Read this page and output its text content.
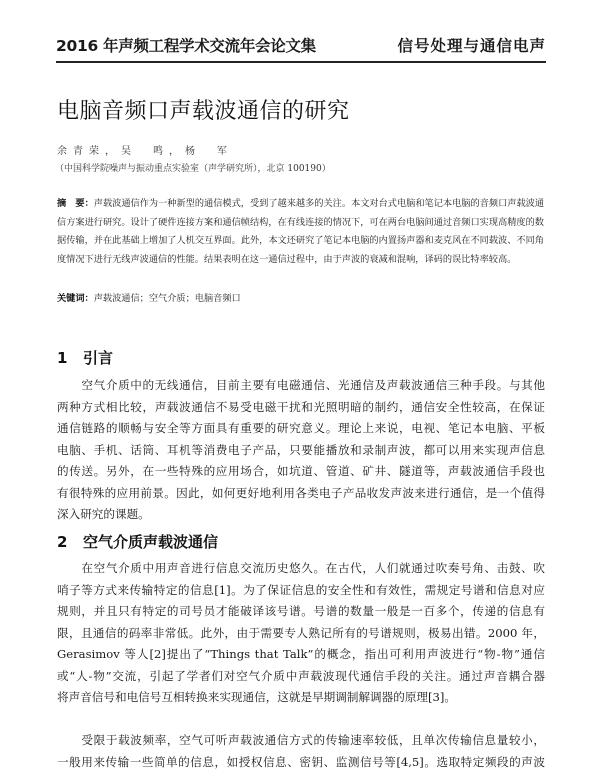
2016 年声频工程学术交流年会论文集	信号处理与通信电声
电脑音频口声载波通信的研究
余青荣，吴　鸣，杨　军
（中国科学院噪声与振动重点实验室（声学研究所），北京 100190）
摘　要：声载波通信作为一种新型的通信模式，受到了越来越多的关注。本文对台式电脑和笔记本电脑的音频口声载波通信方案进行研究。设计了硬件连接方案和通信帧结构，在有线连接的情况下，可在两台电脑间通过音频口实现高精度的数据传输，并在此基础上增加了人机交互界面。此外，本文还研究了笔记本电脑的内置扬声器和麦克风在不同载波、不同角度情况下进行无线声波通信的性能。结果表明在这一通信过程中，由于声波的衰减和混响，译码的误比特率较高。
关键词：声载波通信；空气介质；电脑音频口
1 引言
　　空气介质中的无线通信，目前主要有电磁通信、光通信及声载波通信三种手段。与其他
两种方式相比较，声载波通信不易受电磁干扰和光照明暗的制约，通信安全性较高，在保证
通信链路的顺畅与安全等方面具有重要的研究意义。理论上来说，电视、笔记本电脑、平板
电脑、手机、话筒、耳机等消费电子产品，只要能播放和录制声波，都可以用来实现声信息
的传送。另外，在一些特殊的应用场合，如坑道、管道、矿井、隧道等，声载波通信手段也
有很特殊的应用前景。因此，如何更好地利用各类电子产品收发声波来进行通信，是一个值得
深入研究的课题。
2 空气介质声载波通信
　　在空气介质中用声音进行信息交流历史悠久。在古代，人们就通过吹奏号角、击鼓、吹
哨子等方式来传输特定的信息[1]。为了保证信息的安全性和有效性，需规定号谱和信息对应
规则，并且只有特定的司号员才能破译该号谱。号谱的数量一般是一百多个，传递的信息有
限，且通信的码率非常低。此外，由于需要专人熟记所有的号谱规则，极易出错。2000 年，
Gerasimov 等人[2]提出了“Things that Talk”的概念，指出可利用声波进行“物-物”通信
或“人-物”交流，引起了学者们对空气介质中声载波现代通信手段的关注。通过声音耦合器
将声音信号和电信号互相转换来实现通信，这就是早期调制解调器的原理[3]。
　　受限于载波频率，空气可听声载波通信方式的传输速率较低，且单次传输信息量较小，
一般用来传输一些简单的信息，如授权信息、密钥、监测信号等[4,5]。选取特定频段的声波
